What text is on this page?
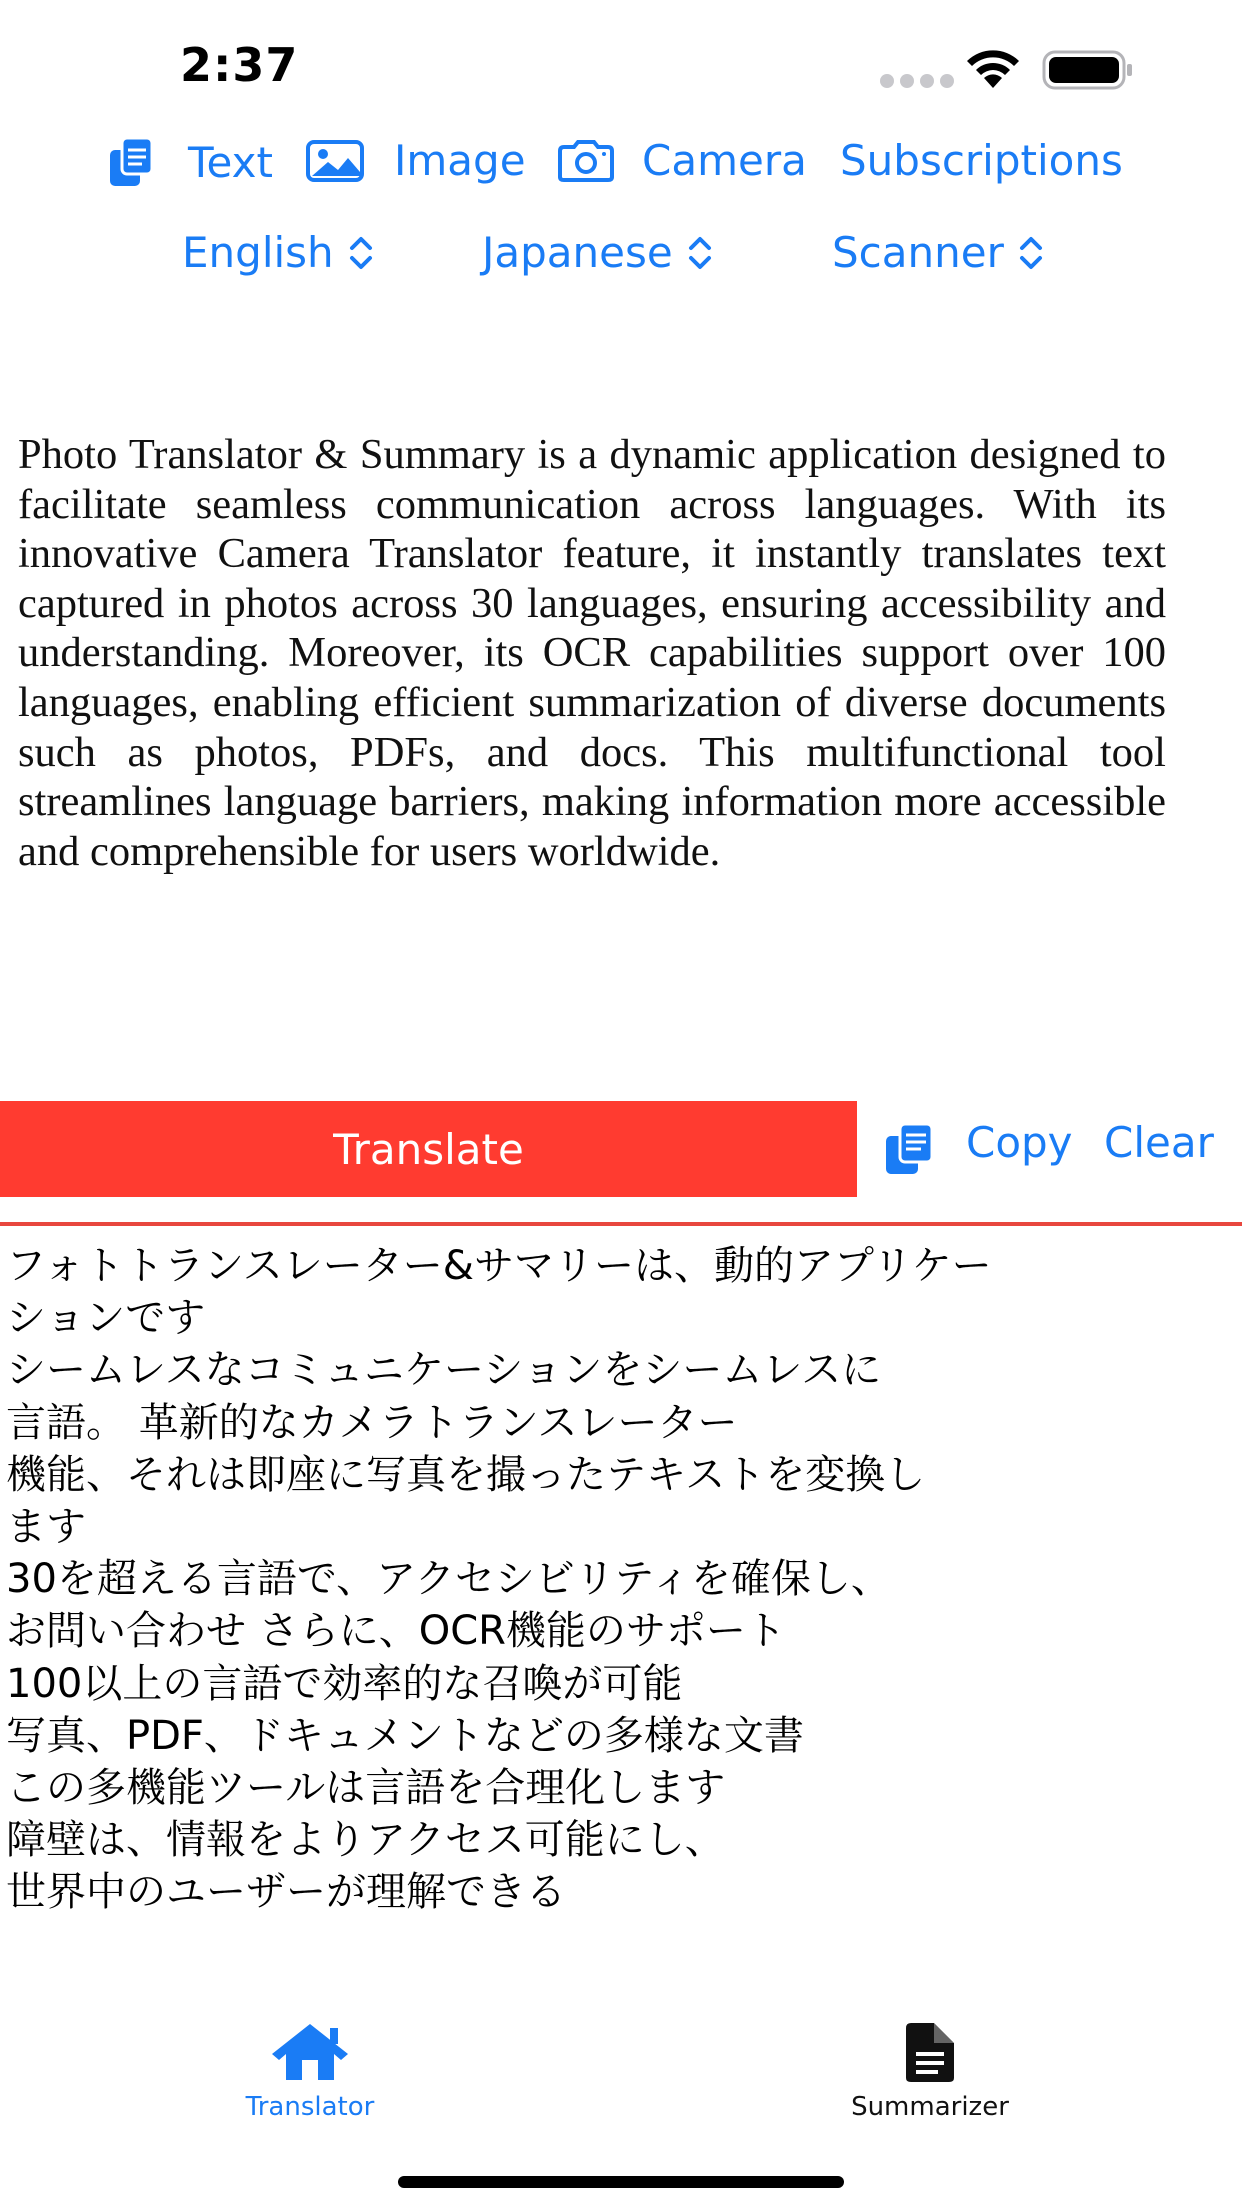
2:37
Text	Image	Camera Subscriptions
English	Japanese	Scanner
Photo Translator & Summary is a dynamic application designed to facilitate seamless communication across languages. With its innovative Camera Translator feature, it instantly translates text captured in photos across 30 languages, ensuring accessibility and understanding. Moreover, its OCR capabilities support over 100 languages, enabling efficient summarization of diverse documents such as photos, PDFs, and docs. This multifunctional tool streamlines language barriers, making information more accessible and comprehensible for users worldwide.
Translate	Copy Clear
フォトトランスレーター&サマリーは、動的アプリケー
ションです
シームレスなコミュニケーションをシームレスに
言語。 革新的なカメラトランスレーター
機能、それは即座に写真を撮ったテキストを変換し
ます
30を超える言語で、アクセシビリティを確保し、
お問い合わせ さらに、OCR機能のサポート
100以上の言語で効率的な召喚が可能
写真、PDF、ドキュメントなどの多様な文書
この多機能ツールは言語を合理化します
障壁は、情報をよりアクセス可能にし、
世界中のユーザーが理解できる
Translator	Summarizer
